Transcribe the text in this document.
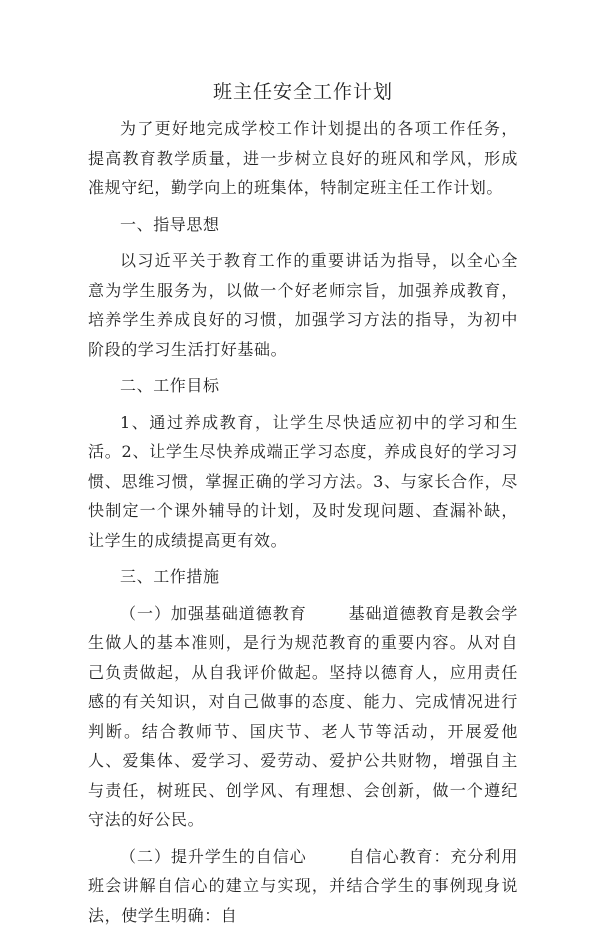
班主任安全工作计划

为了更好地完成学校工作计划提出的各项工作任务，提高教育教学质量，进一步树立良好的班风和学风，形成准规守纪，勤学向上的班集体，特制定班主任工作计划。

一、指导思想

以习近平关于教育工作的重要讲话为指导，以全心全意为学生服务为，以做一个好老师宗旨，加强养成教育，培养学生养成良好的习惯，加强学习方法的指导，为初中阶段的学习生活打好基础。

二、工作目标

1、通过养成教育，让学生尽快适应初中的学习和生活。2、让学生尽快养成端正学习态度，养成良好的学习习惯、思维习惯，掌握正确的学习方法。3、与家长合作，尽快制定一个课外辅导的计划，及时发现问题、查漏补缺，让学生的成绩提高更有效。

三、工作措施

（一）加强基础道德教育	基础道德教育是教会学生做人的基本准则，是行为规范教育的重要内容。从对自己负责做起，从自我评价做起。坚持以德育人，应用责任感的有关知识，对自己做事的态度、能力、完成情况进行判断。结合教师节、国庆节、老人节等活动，开展爱他人、爱集体、爱学习、爱劳动、爱护公共财物，增强自主与责任，树班民、创学风、有理想、会创新，做一个遵纪守法的好公民。

（二）提升学生的自信心	自信心教育：充分利用班会讲解自信心的建立与实现，并结合学生的事例现身说法，使学生明确：自
